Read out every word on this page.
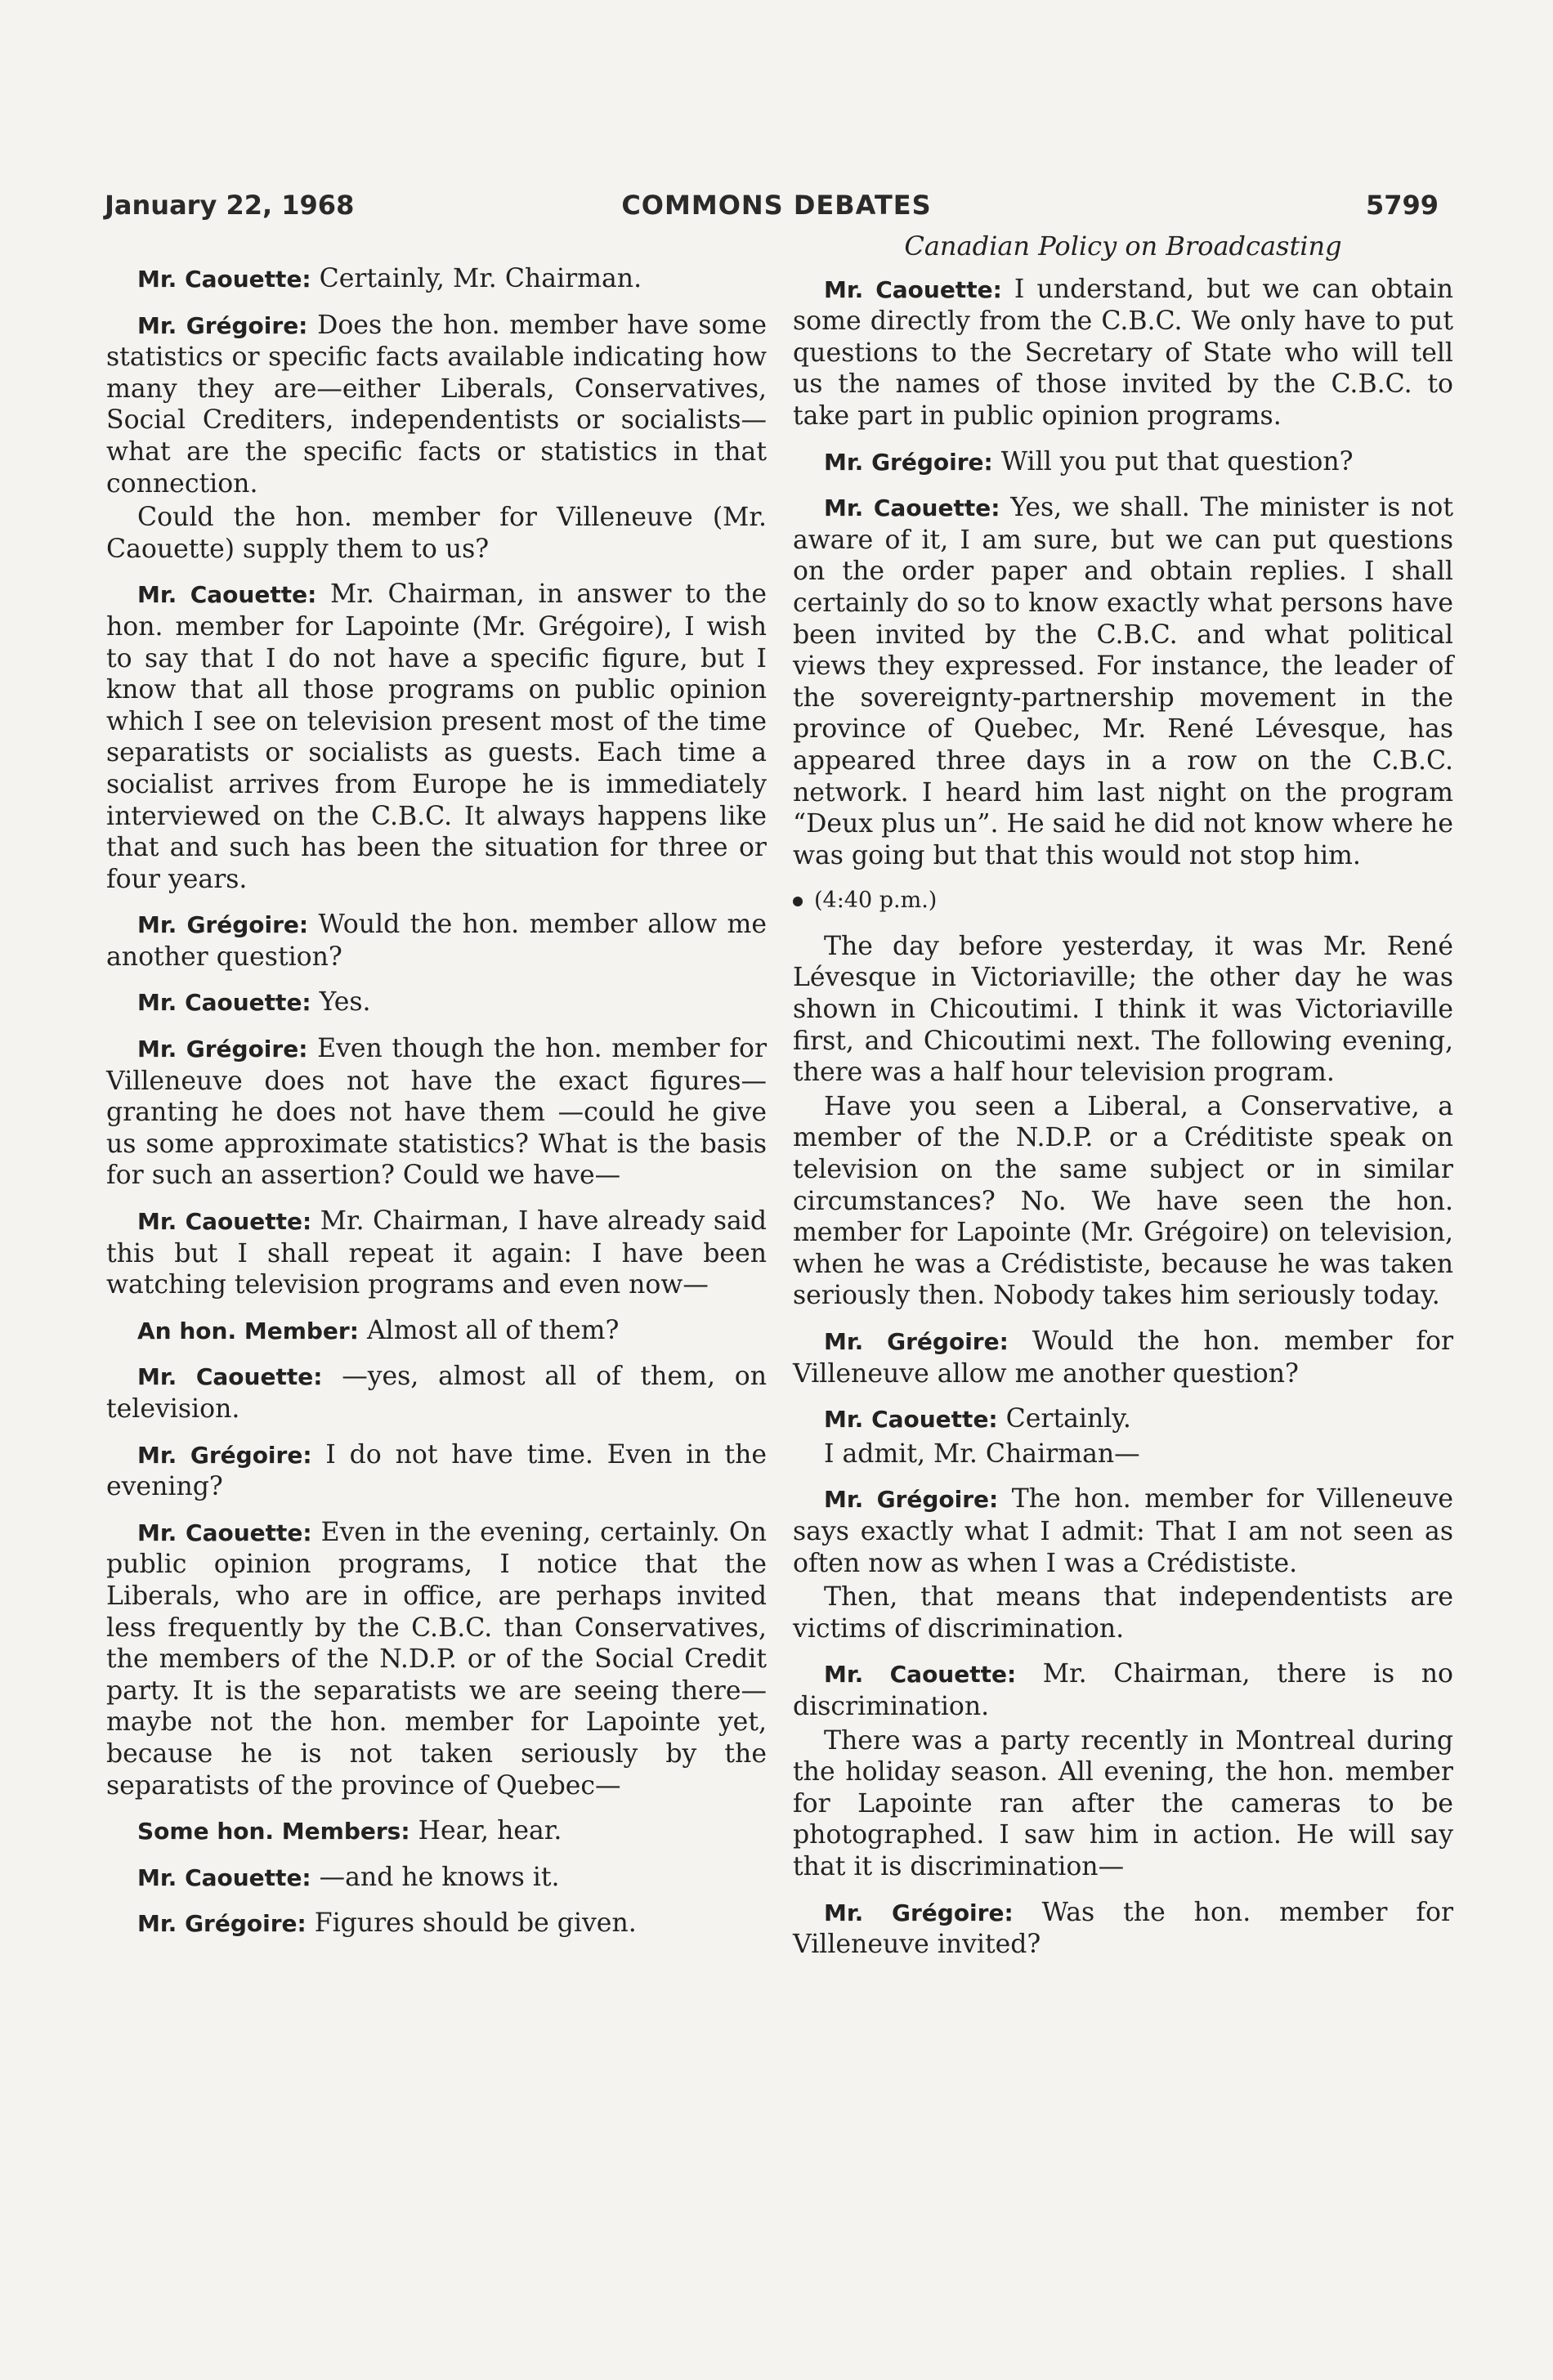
January 22, 1968	COMMONS DEBATES	5799

Mr. Caouette: Certainly, Mr. Chairman.

Mr. Grégoire: Does the hon. member have some statistics or specific facts available indicating how many they are—either Liberals, Conservatives, Social Crediters, independentists or socialists—what are the specific facts or statistics in that connection.

Could the hon. member for Villeneuve (Mr. Caouette) supply them to us?

Mr. Caouette: Mr. Chairman, in answer to the hon. member for Lapointe (Mr. Grégoire), I wish to say that I do not have a specific figure, but I know that all those programs on public opinion which I see on television present most of the time separatists or socialists as guests. Each time a socialist arrives from Europe he is immediately interviewed on the C.B.C. It always happens like that and such has been the situation for three or four years.

Mr. Grégoire: Would the hon. member allow me another question?

Mr. Caouette: Yes.

Mr. Grégoire: Even though the hon. member for Villeneuve does not have the exact figures—granting he does not have them —could he give us some approximate statistics? What is the basis for such an assertion? Could we have—

Mr. Caouette: Mr. Chairman, I have already said this but I shall repeat it again: I have been watching television programs and even now—

An hon. Member: Almost all of them?

Mr. Caouette: —yes, almost all of them, on television.

Mr. Grégoire: I do not have time. Even in the evening?

Mr. Caouette: Even in the evening, certainly. On public opinion programs, I notice that the Liberals, who are in office, are perhaps invited less frequently by the C.B.C. than Conservatives, the members of the N.D.P. or of the Social Credit party. It is the separatists we are seeing there—maybe not the hon. member for Lapointe yet, because he is not taken seriously by the separatists of the province of Quebec—

Some hon. Members: Hear, hear.

Mr. Caouette: —and he knows it.

Mr. Grégoire: Figures should be given.

Canadian Policy on Broadcasting

Mr. Caouette: I understand, but we can obtain some directly from the C.B.C. We only have to put questions to the Secretary of State who will tell us the names of those invited by the C.B.C. to take part in public opinion programs.

Mr. Grégoire: Will you put that question?

Mr. Caouette: Yes, we shall. The minister is not aware of it, I am sure, but we can put questions on the order paper and obtain replies. I shall certainly do so to know exactly what persons have been invited by the C.B.C. and what political views they expressed. For instance, the leader of the sovereignty-partnership movement in the province of Quebec, Mr. René Lévesque, has appeared three days in a row on the C.B.C. network. I heard him last night on the program “Deux plus un”. He said he did not know where he was going but that this would not stop him.

(4:40 p.m.)

The day before yesterday, it was Mr. René Lévesque in Victoriaville; the other day he was shown in Chicoutimi. I think it was Victoriaville first, and Chicoutimi next. The following evening, there was a half hour television program.

Have you seen a Liberal, a Conservative, a member of the N.D.P. or a Créditiste speak on television on the same subject or in similar circumstances? No. We have seen the hon. member for Lapointe (Mr. Grégoire) on television, when he was a Crédististe, because he was taken seriously then. Nobody takes him seriously today.

Mr. Grégoire: Would the hon. member for Villeneuve allow me another question?

Mr. Caouette: Certainly.

I admit, Mr. Chairman—

Mr. Grégoire: The hon. member for Villeneuve says exactly what I admit: That I am not seen as often now as when I was a Crédististe.

Then, that means that independentists are victims of discrimination.

Mr. Caouette: Mr. Chairman, there is no discrimination.

There was a party recently in Montreal during the holiday season. All evening, the hon. member for Lapointe ran after the cameras to be photographed. I saw him in action. He will say that it is discrimination—

Mr. Grégoire: Was the hon. member for Villeneuve invited?
